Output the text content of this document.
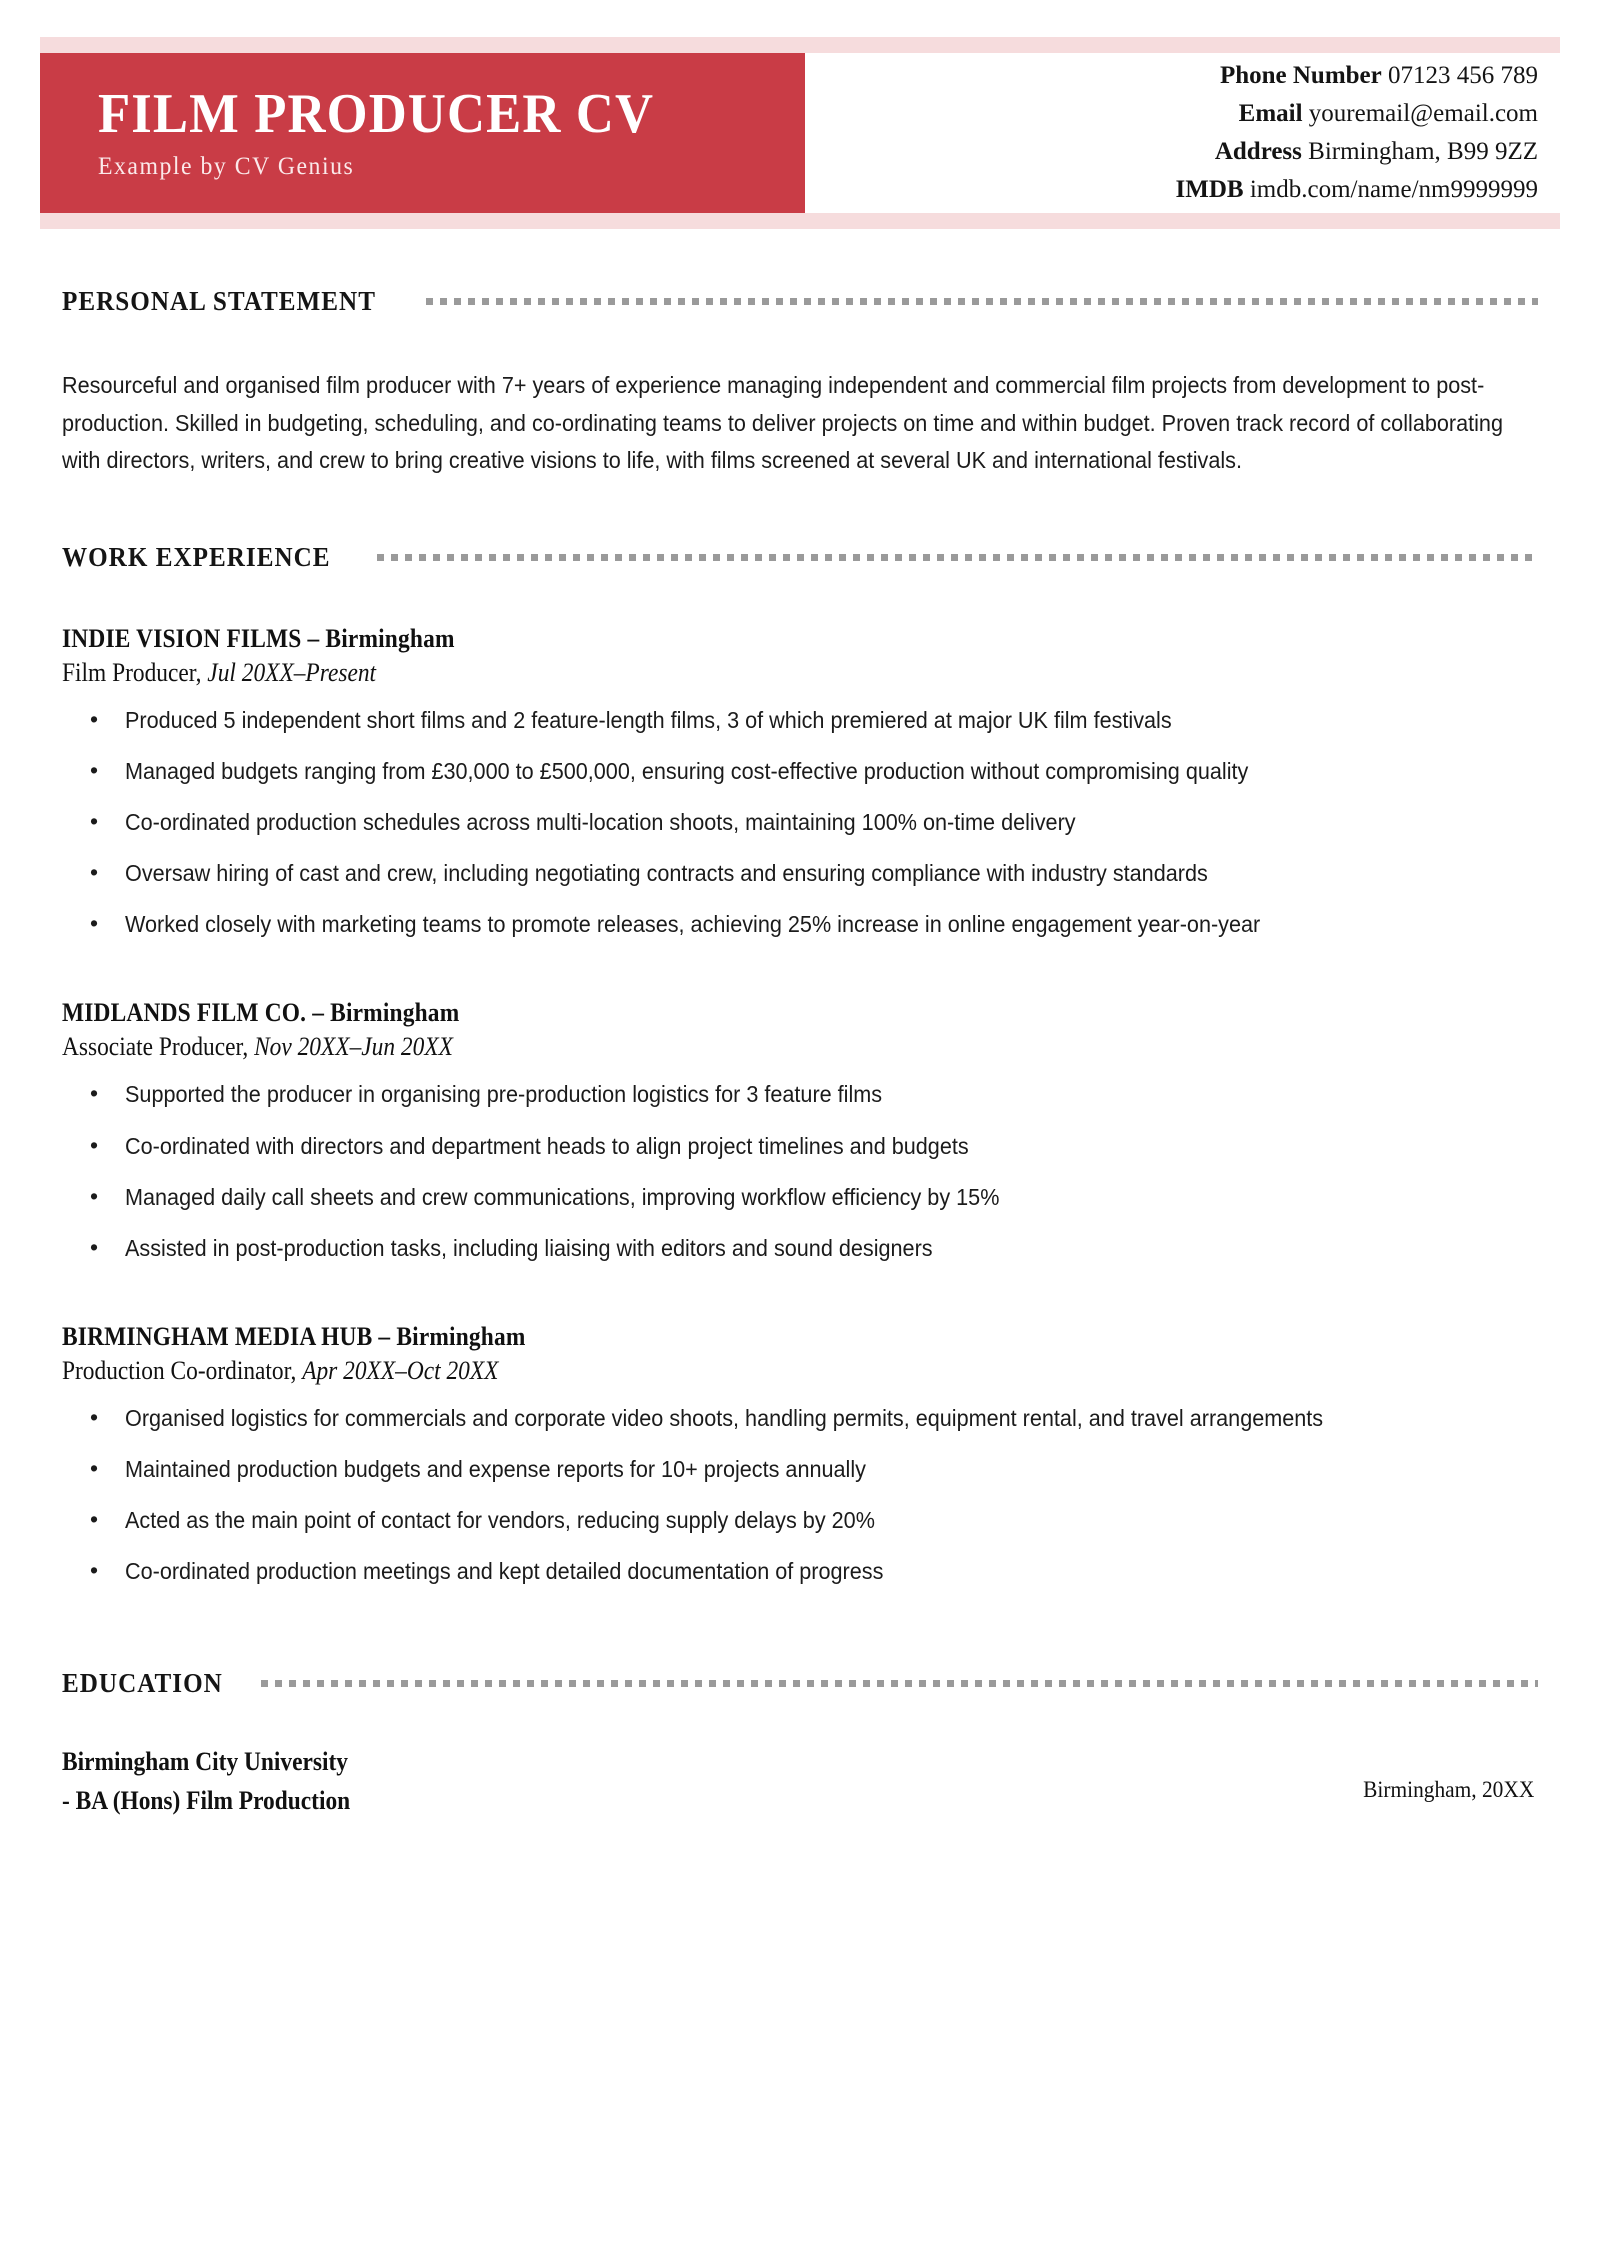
FILM PRODUCER CV
Example by CV Genius
Phone Number 07123 456 789
Email youremail@email.com
Address Birmingham, B99 9ZZ
IMDB imdb.com/name/nm9999999
PERSONAL STATEMENT

Resourceful and organised film producer with 7+ years of experience managing independent and commercial film projects from development to post-production. Skilled in budgeting, scheduling, and co-ordinating teams to deliver projects on time and within budget. Proven track record of collaborating with directors, writers, and crew to bring creative visions to life, with films screened at several UK and international festivals.

WORK EXPERIENCE
INDIE VISION FILMS – Birmingham
Film Producer, Jul 20XX–Present
• Produced 5 independent short films and 2 feature-length films, 3 of which premiered at major UK film festivals
• Managed budgets ranging from £30,000 to £500,000, ensuring cost-effective production without compromising quality
• Co-ordinated production schedules across multi-location shoots, maintaining 100% on-time delivery
• Oversaw hiring of cast and crew, including negotiating contracts and ensuring compliance with industry standards
• Worked closely with marketing teams to promote releases, achieving 25% increase in online engagement year-on-year
MIDLANDS FILM CO. – Birmingham
Associate Producer, Nov 20XX–Jun 20XX
• Supported the producer in organising pre-production logistics for 3 feature films
• Co-ordinated with directors and department heads to align project timelines and budgets
• Managed daily call sheets and crew communications, improving workflow efficiency by 15%
• Assisted in post-production tasks, including liaising with editors and sound designers
BIRMINGHAM MEDIA HUB – Birmingham
Production Co-ordinator, Apr 20XX–Oct 20XX
• Organised logistics for commercials and corporate video shoots, handling permits, equipment rental, and travel arrangements
• Maintained production budgets and expense reports for 10+ projects annually
• Acted as the main point of contact for vendors, reducing supply delays by 20%
• Co-ordinated production meetings and kept detailed documentation of progress
EDUCATION
Birmingham City University
- BA (Hons) Film Production	Birmingham, 20XX
